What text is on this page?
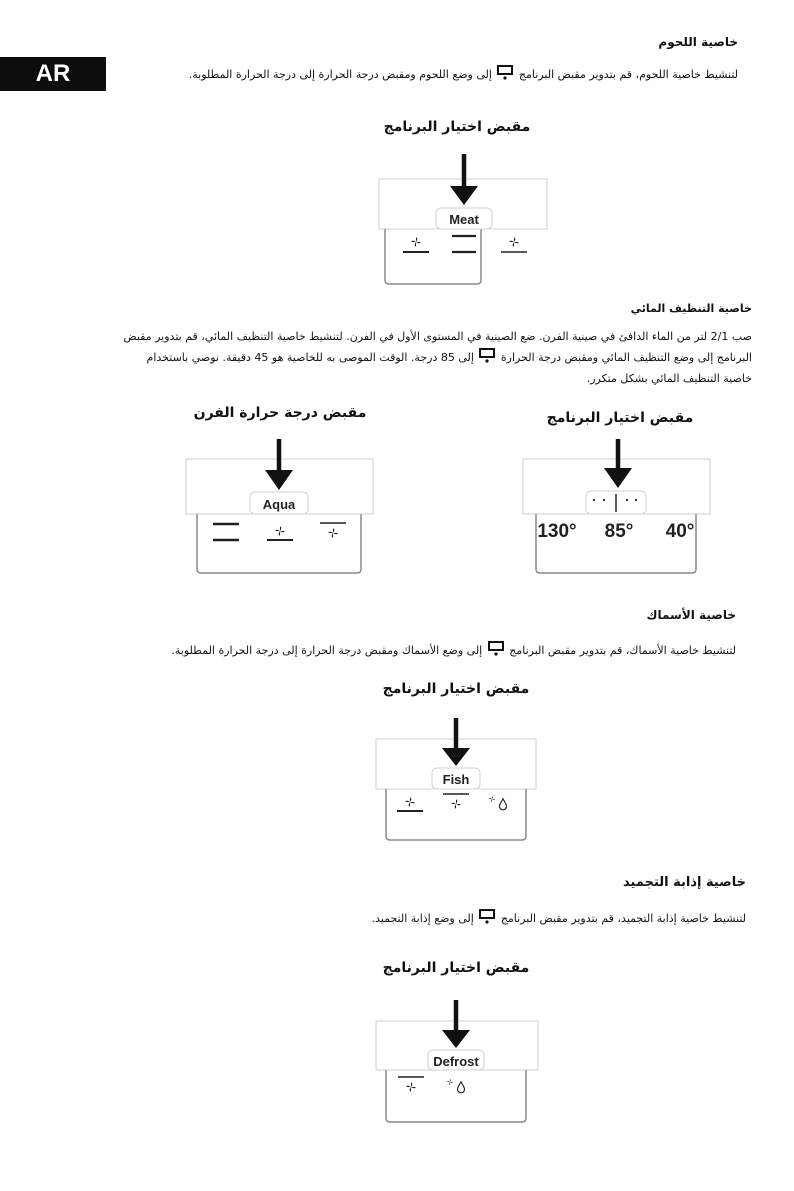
AR
خاصية اللحوم
لتنشيط خاصية اللحوم، قم بتدوير مقبض البرنامج  إلى وضع اللحوم ومقبض درجة الحرارة إلى درجة الحرارة المطلوبة.
مقبض اختيار البرنامج
Meat
خاصية التنظيف المائي
صب 2/1 لتر من الماء الدافئ في صينية الفرن. ضع الصينية في المستوى الأول في الفرن. لتنشيط خاصية التنظيف المائي، قم بتدوير مقبض
البرنامج إلى وضع التنظيف المائي ومقبض درجة الحرارة  إلى 85 درجة. الوقت الموصى به للخاصية هو 45 دقيقة. نوصي باستخدام
خاصية التنظيف المائي بشكل متكرر.
مقبض درجة حرارة الفرن	مقبض اختيار البرنامج
Aqua
130° 85° 40°
خاصية الأسماك
لتنشيط خاصية الأسماك، قم بتدوير مقبض البرنامج  إلى وضع الأسماك ومقبض درجة الحرارة إلى درجة الحرارة المطلوبة.
مقبض اختيار البرنامج
Fish
خاصية إذابة التجميد
لتنشيط خاصية إذابة التجميد، قم بتدوير مقبض البرنامج  إلى وضع إذابة التجميد.
مقبض اختيار البرنامج
Defrost
